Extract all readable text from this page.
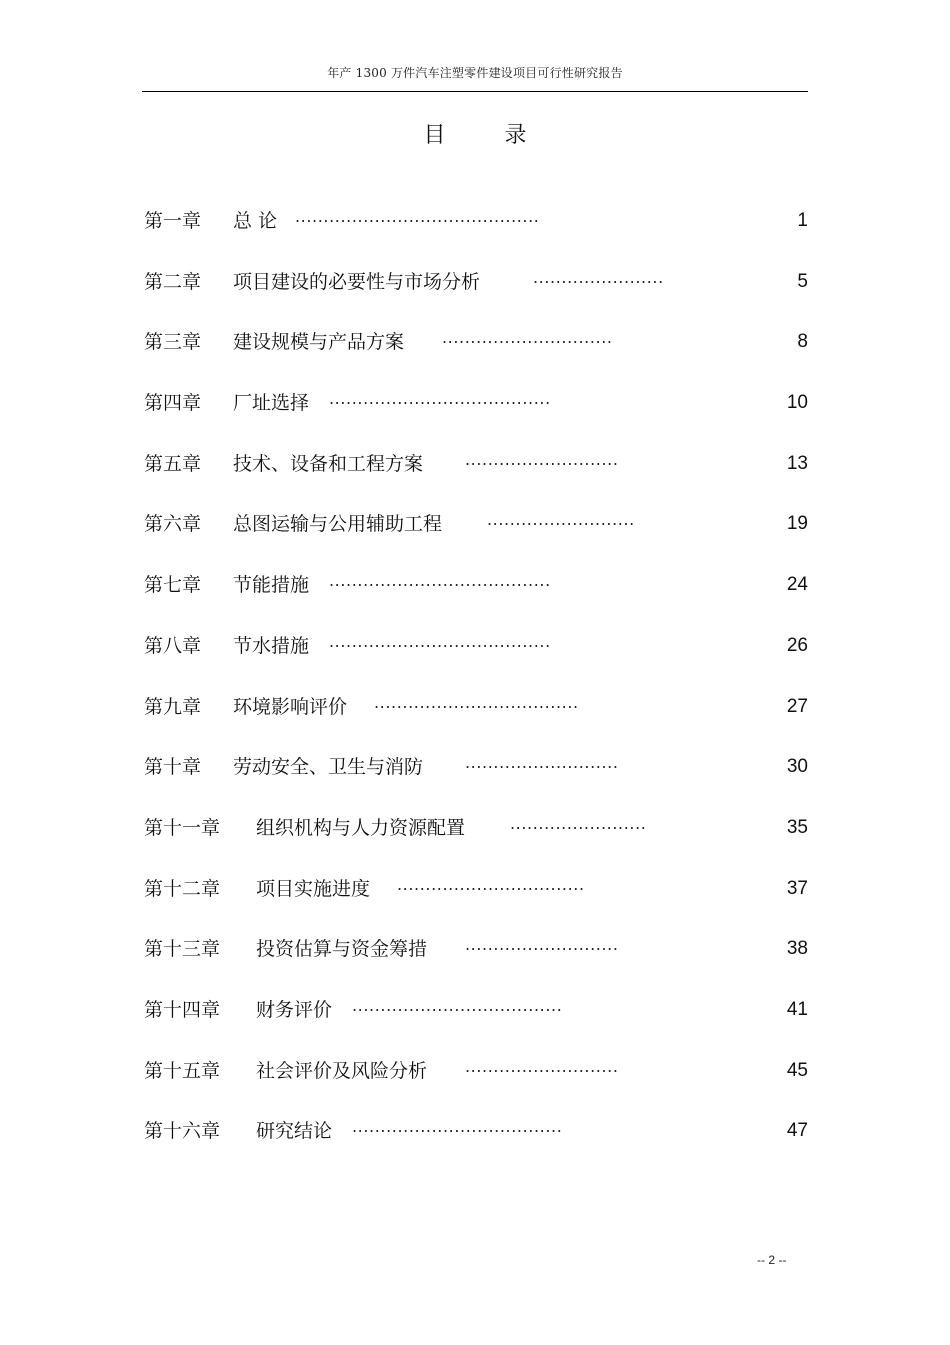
年产 1300 万件汽车注塑零件建设项目可行性研究报告
目 录
第一章 总 论 ...........................................	1
第二章 项目建设的必要性与市场分析	.......................	5
第三章 建设规模与产品方案 ..............................	8
第四章 厂址选择 .......................................	10
第五章 技术、设备和工程方案	...........................	13
第六章 总图运输与公用辅助工程	..........................	19
第七章 节能措施 .......................................	24
第八章 节水措施 .......................................	26
第九章 环境影响评价 ....................................	27
第十章 劳动安全、卫生与消防	...........................	30
第十一章 组织机构与人力资源配置	........................	35
第十二章 项目实施进度 .................................	37
第十三章 投资估算与资金筹措 ...........................	38
第十四章 财务评价 .....................................	41
第十五章 社会评价及风险分析 ...........................	45
第十六章 研究结论 .....................................	47
-- 2 --
